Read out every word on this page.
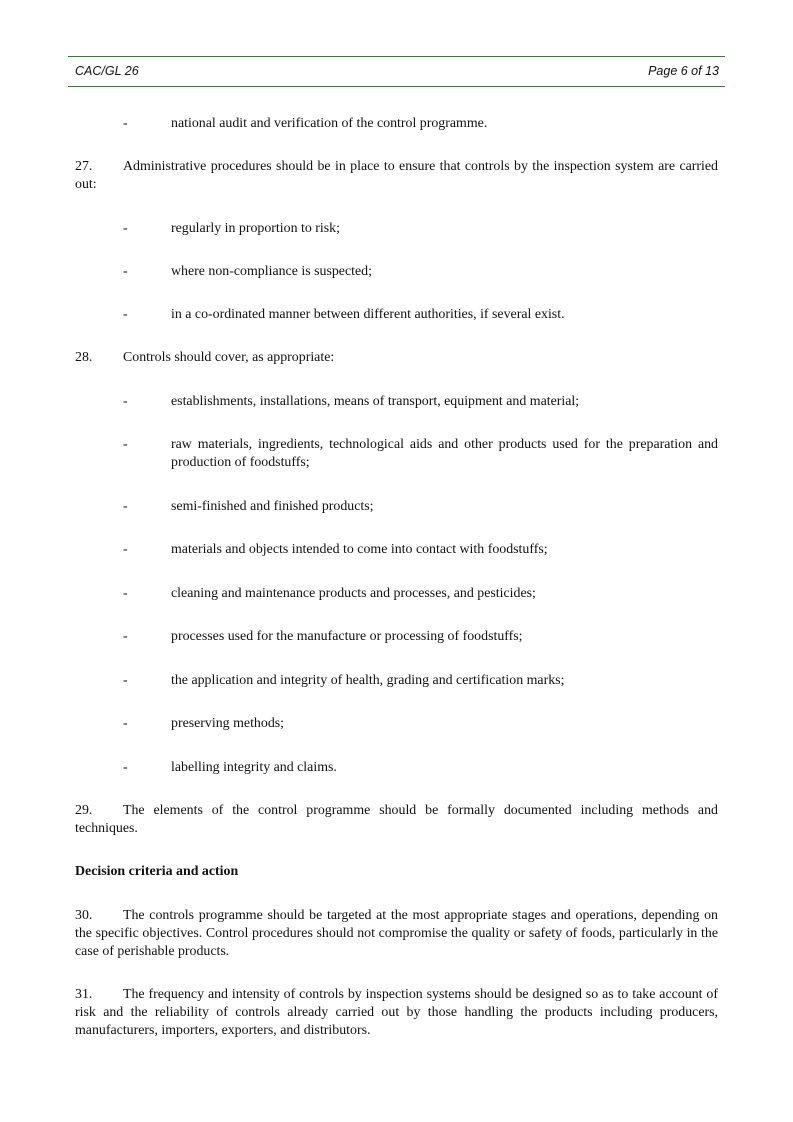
CAC/GL 26	Page 6 of 13
-	national audit and verification of the control programme.
27. Administrative procedures should be in place to ensure that controls by the inspection system are carried out:
-	regularly in proportion to risk;
-	where non-compliance is suspected;
-	in a co-ordinated manner between different authorities, if several exist.
28. Controls should cover, as appropriate:
-	establishments, installations, means of transport, equipment and material;
-	raw materials, ingredients, technological aids and other products used for the preparation and production of foodstuffs;
-	semi-finished and finished products;
-	materials and objects intended to come into contact with foodstuffs;
-	cleaning and maintenance products and processes, and pesticides;
-	processes used for the manufacture or processing of foodstuffs;
-	the application and integrity of health, grading and certification marks;
-	preserving methods;
-	labelling integrity and claims.
29. The elements of the control programme should be formally documented including methods and techniques.
Decision criteria and action
30. The controls programme should be targeted at the most appropriate stages and operations, depending on the specific objectives. Control procedures should not compromise the quality or safety of foods, particularly in the case of perishable products.
31. The frequency and intensity of controls by inspection systems should be designed so as to take account of risk and the reliability of controls already carried out by those handling the products including producers, manufacturers, importers, exporters, and distributors.
